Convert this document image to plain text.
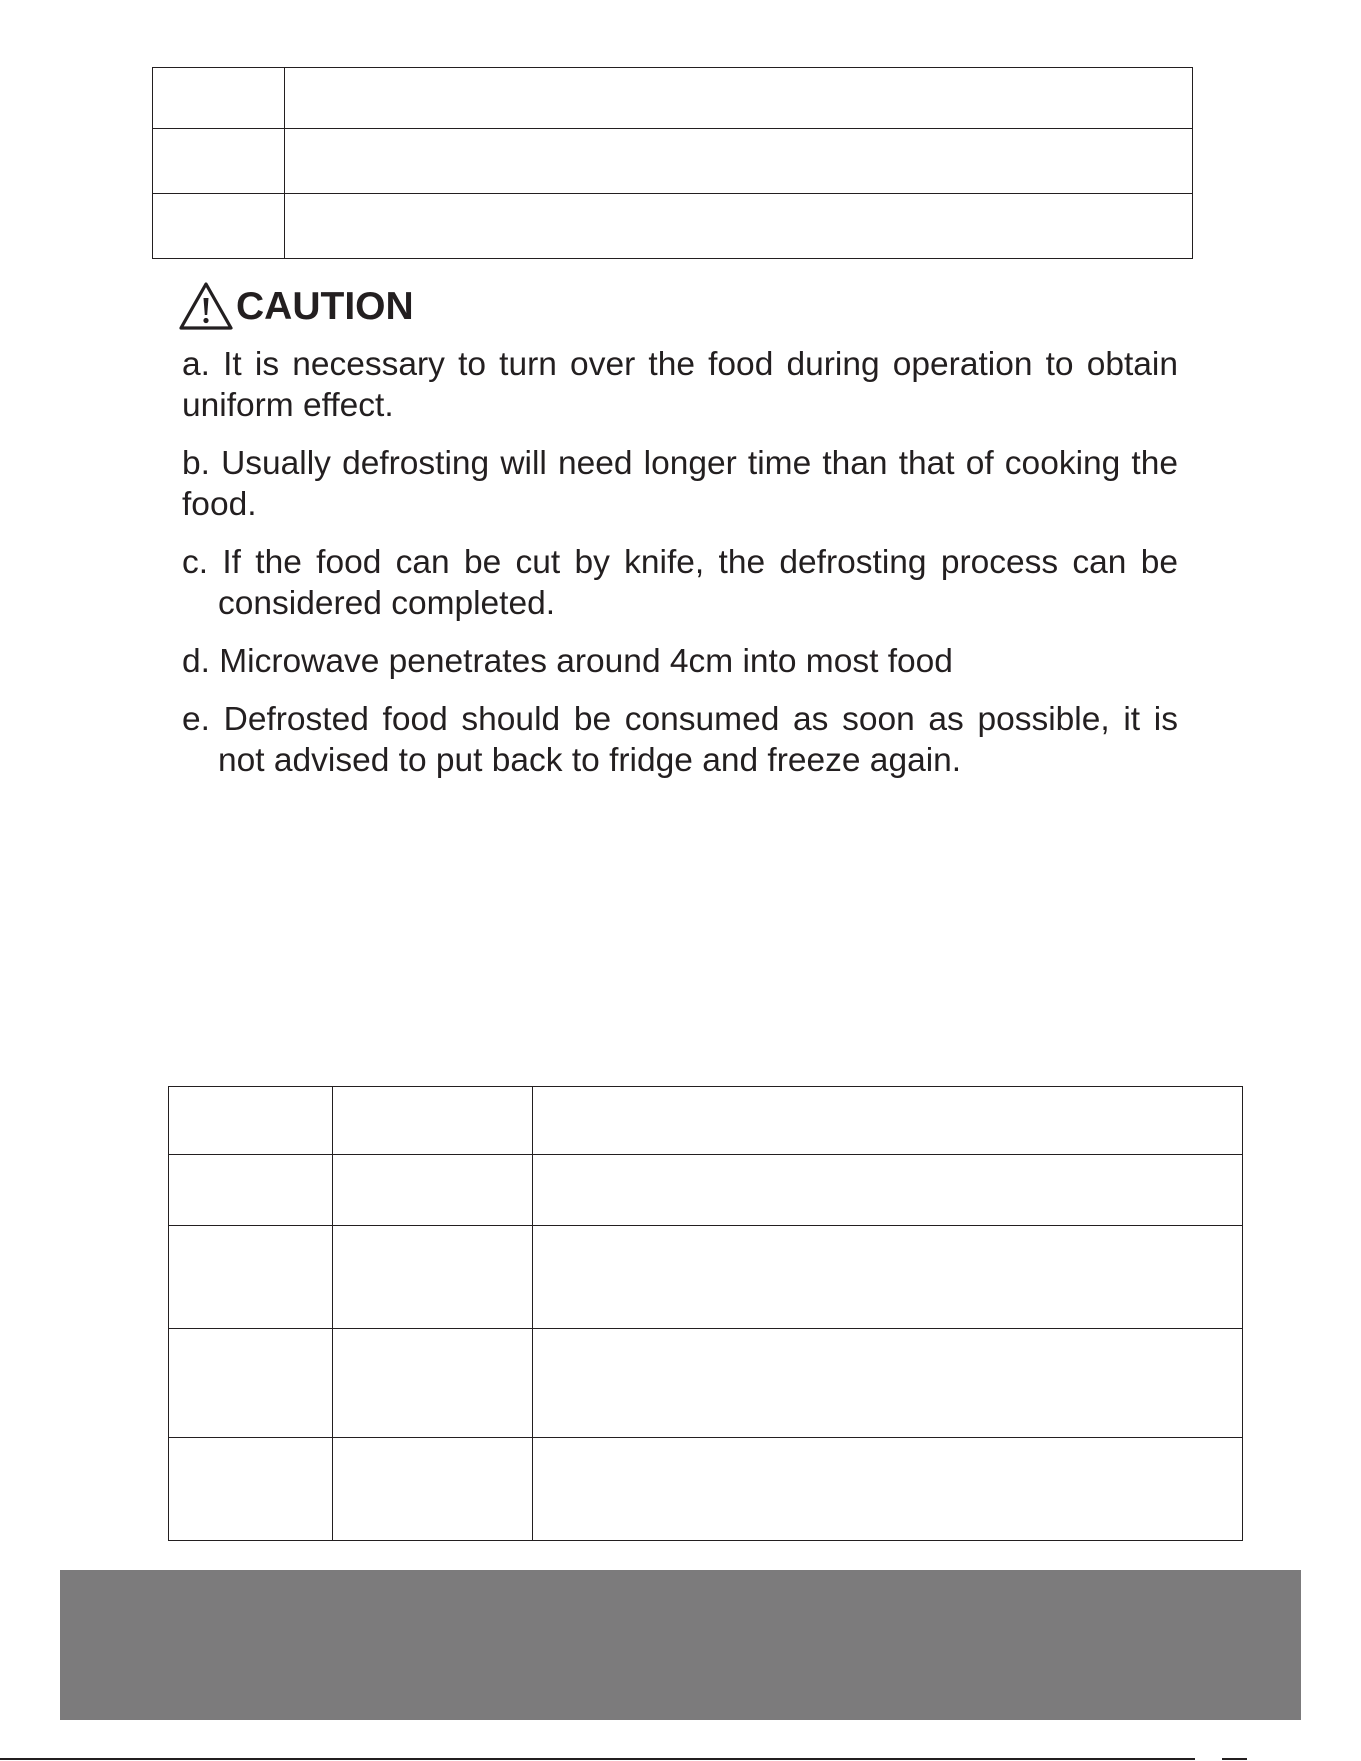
CAUTION
a. It is necessary to turn over the food during operation to obtain uniform effect.
b. Usually defrosting will need longer time than that of cooking the food.
c. If the food can be cut by knife, the defrosting process can be considered completed.
d. Microwave penetrates around 4cm into most food
e. Defrosted food should be consumed as soon as possible, it is not advised to put back to fridge and freeze again.
